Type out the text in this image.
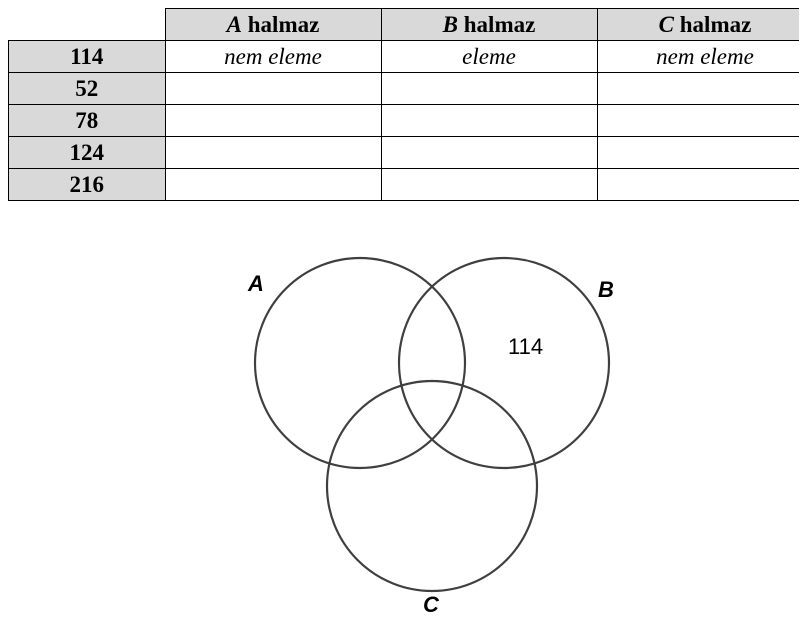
	A halmaz	B halmaz	C halmaz
114	nem eleme	eleme	nem eleme
52			
78			
124			
216			
A	B
C
114
